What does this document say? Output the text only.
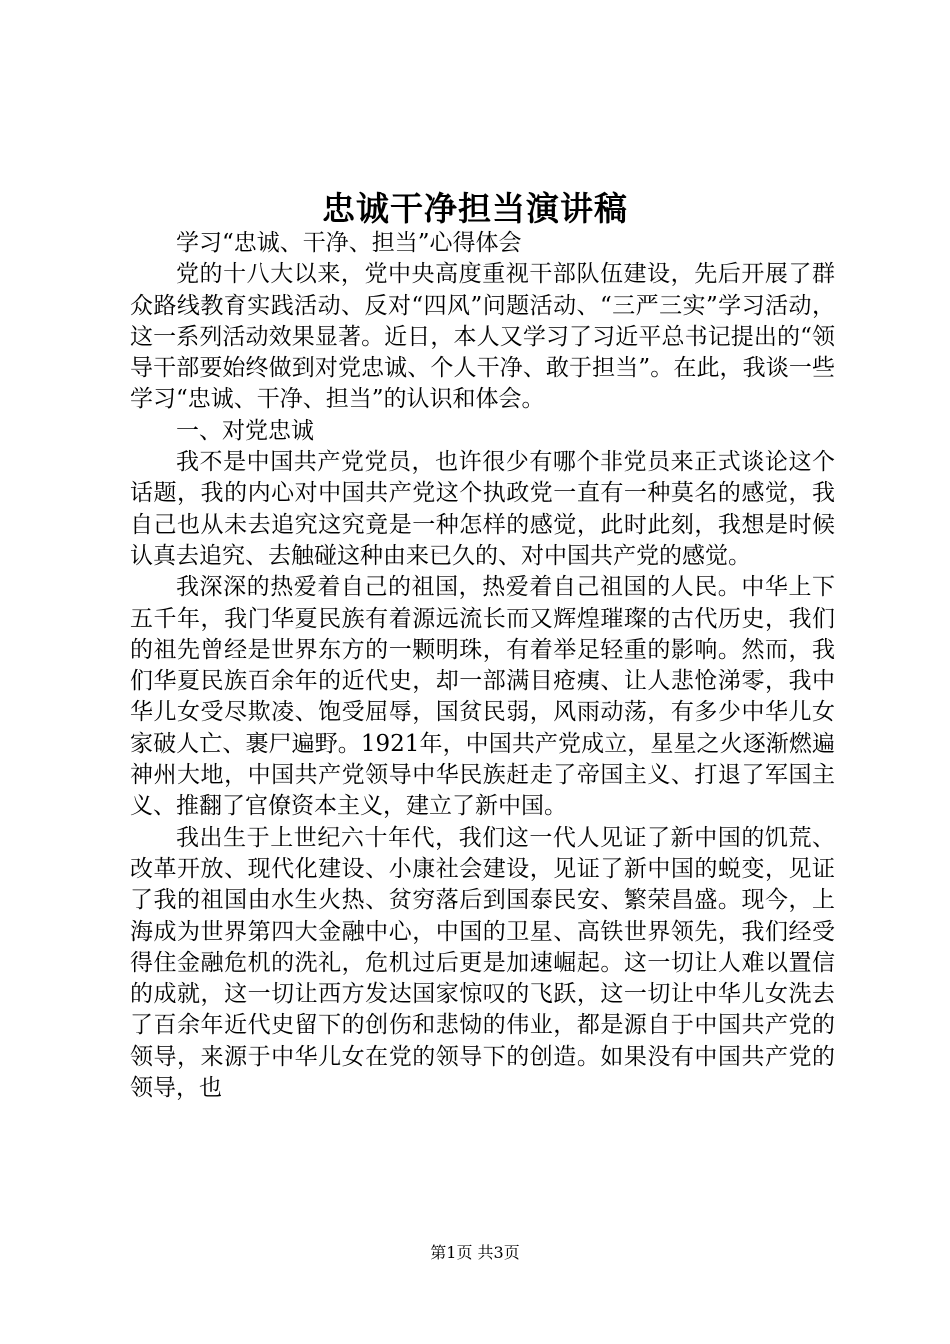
忠诚干净担当演讲稿

学习“忠诚、干净、担当”心得体会

党的十八大以来，党中央高度重视干部队伍建设，先后开展了群众路线教育实践活动、反对“四风”问题活动、“三严三实”学习活动，这一系列活动效果显著。近日，本人又学习了习近平总书记提出的“领导干部要始终做到对党忠诚、个人干净、敢于担当”。在此，我谈一些学习“忠诚、干净、担当”的认识和体会。

一、对党忠诚

我不是中国共产党党员，也许很少有哪个非党员来正式谈论这个话题，我的内心对中国共产党这个执政党一直有一种莫名的感觉，我自己也从未去追究这究竟是一种怎样的感觉，此时此刻，我想是时候认真去追究、去触碰这种由来已久的、对中国共产党的感觉。

我深深的热爱着自己的祖国，热爱着自己祖国的人民。中华上下五千年，我门华夏民族有着源远流长而又辉煌璀璨的古代历史，我们的祖先曾经是世界东方的一颗明珠，有着举足轻重的影响。然而，我们华夏民族百余年的近代史，却一部满目疮痍、让人悲怆涕零，我中华儿女受尽欺凌、饱受屈辱，国贫民弱，风雨动荡，有多少中华儿女家破人亡、裹尸遍野。1921年，中国共产党成立，星星之火逐渐燃遍神州大地，中国共产党领导中华民族赶走了帝国主义、打退了军国主义、推翻了官僚资本主义，建立了新中国。

我出生于上世纪六十年代，我们这一代人见证了新中国的饥荒、改革开放、现代化建设、小康社会建设，见证了新中国的蜕变，见证了我的祖国由水生火热、贫穷落后到国泰民安、繁荣昌盛。现今，上海成为世界第四大金融中心，中国的卫星、高铁世界领先，我们经受得住金融危机的洗礼，危机过后更是加速崛起。这一切让人难以置信的成就，这一切让西方发达国家惊叹的飞跃，这一切让中华儿女洗去了百余年近代史留下的创伤和悲恸的伟业，都是源自于中国共产党的领导，来源于中华儿女在党的领导下的创造。如果没有中国共产党的领导，也

第1页 共3页
